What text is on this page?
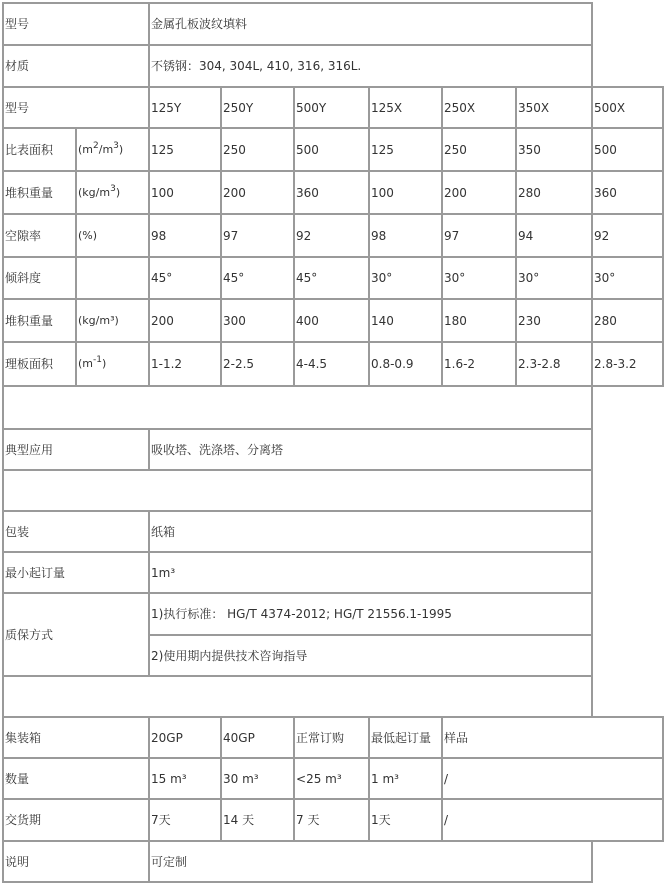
型号		金属孔板波纹填料						
材质		不锈钢：304, 304L, 410, 316, 316L.						
型号		125Y	250Y	500Y	125X	250X	350X	500X
比表面积	$(m^2/m^3)$	125	250	500	125	250	350	500
堆积重量	$(kg/m^3)$	100	200	360	100	200	280	360
空隙率	(%)	98	97	92	98	97	94	92
倾斜度		45°	45°	45°	30°	30°	30°	30°
堆积重量	(kg/m³)	200	300	400	140	180	230	280
理板面积	$(m^{-1})$	1-1.2	2-2.5	4-4.5	0.8-0.9	1.6-2	2.3-2.8	2.8-3.2

典型应用		吸收塔、洗涤塔、分离塔						

包装		纸箱						
最小起订量		1m³						
质保方式		1)执行标准： HG/T 4374-2012; HG/T 21556.1-1995						
		2)使用期内提供技术咨询指导						

集装箱		20GP	40GP	正常订购	最低起订量	样品		
数量		15 m³	30 m³	<25 m³	1 m³	/		
交货期		7天	14 天	7 天	1天	/		
说明		可定制						
